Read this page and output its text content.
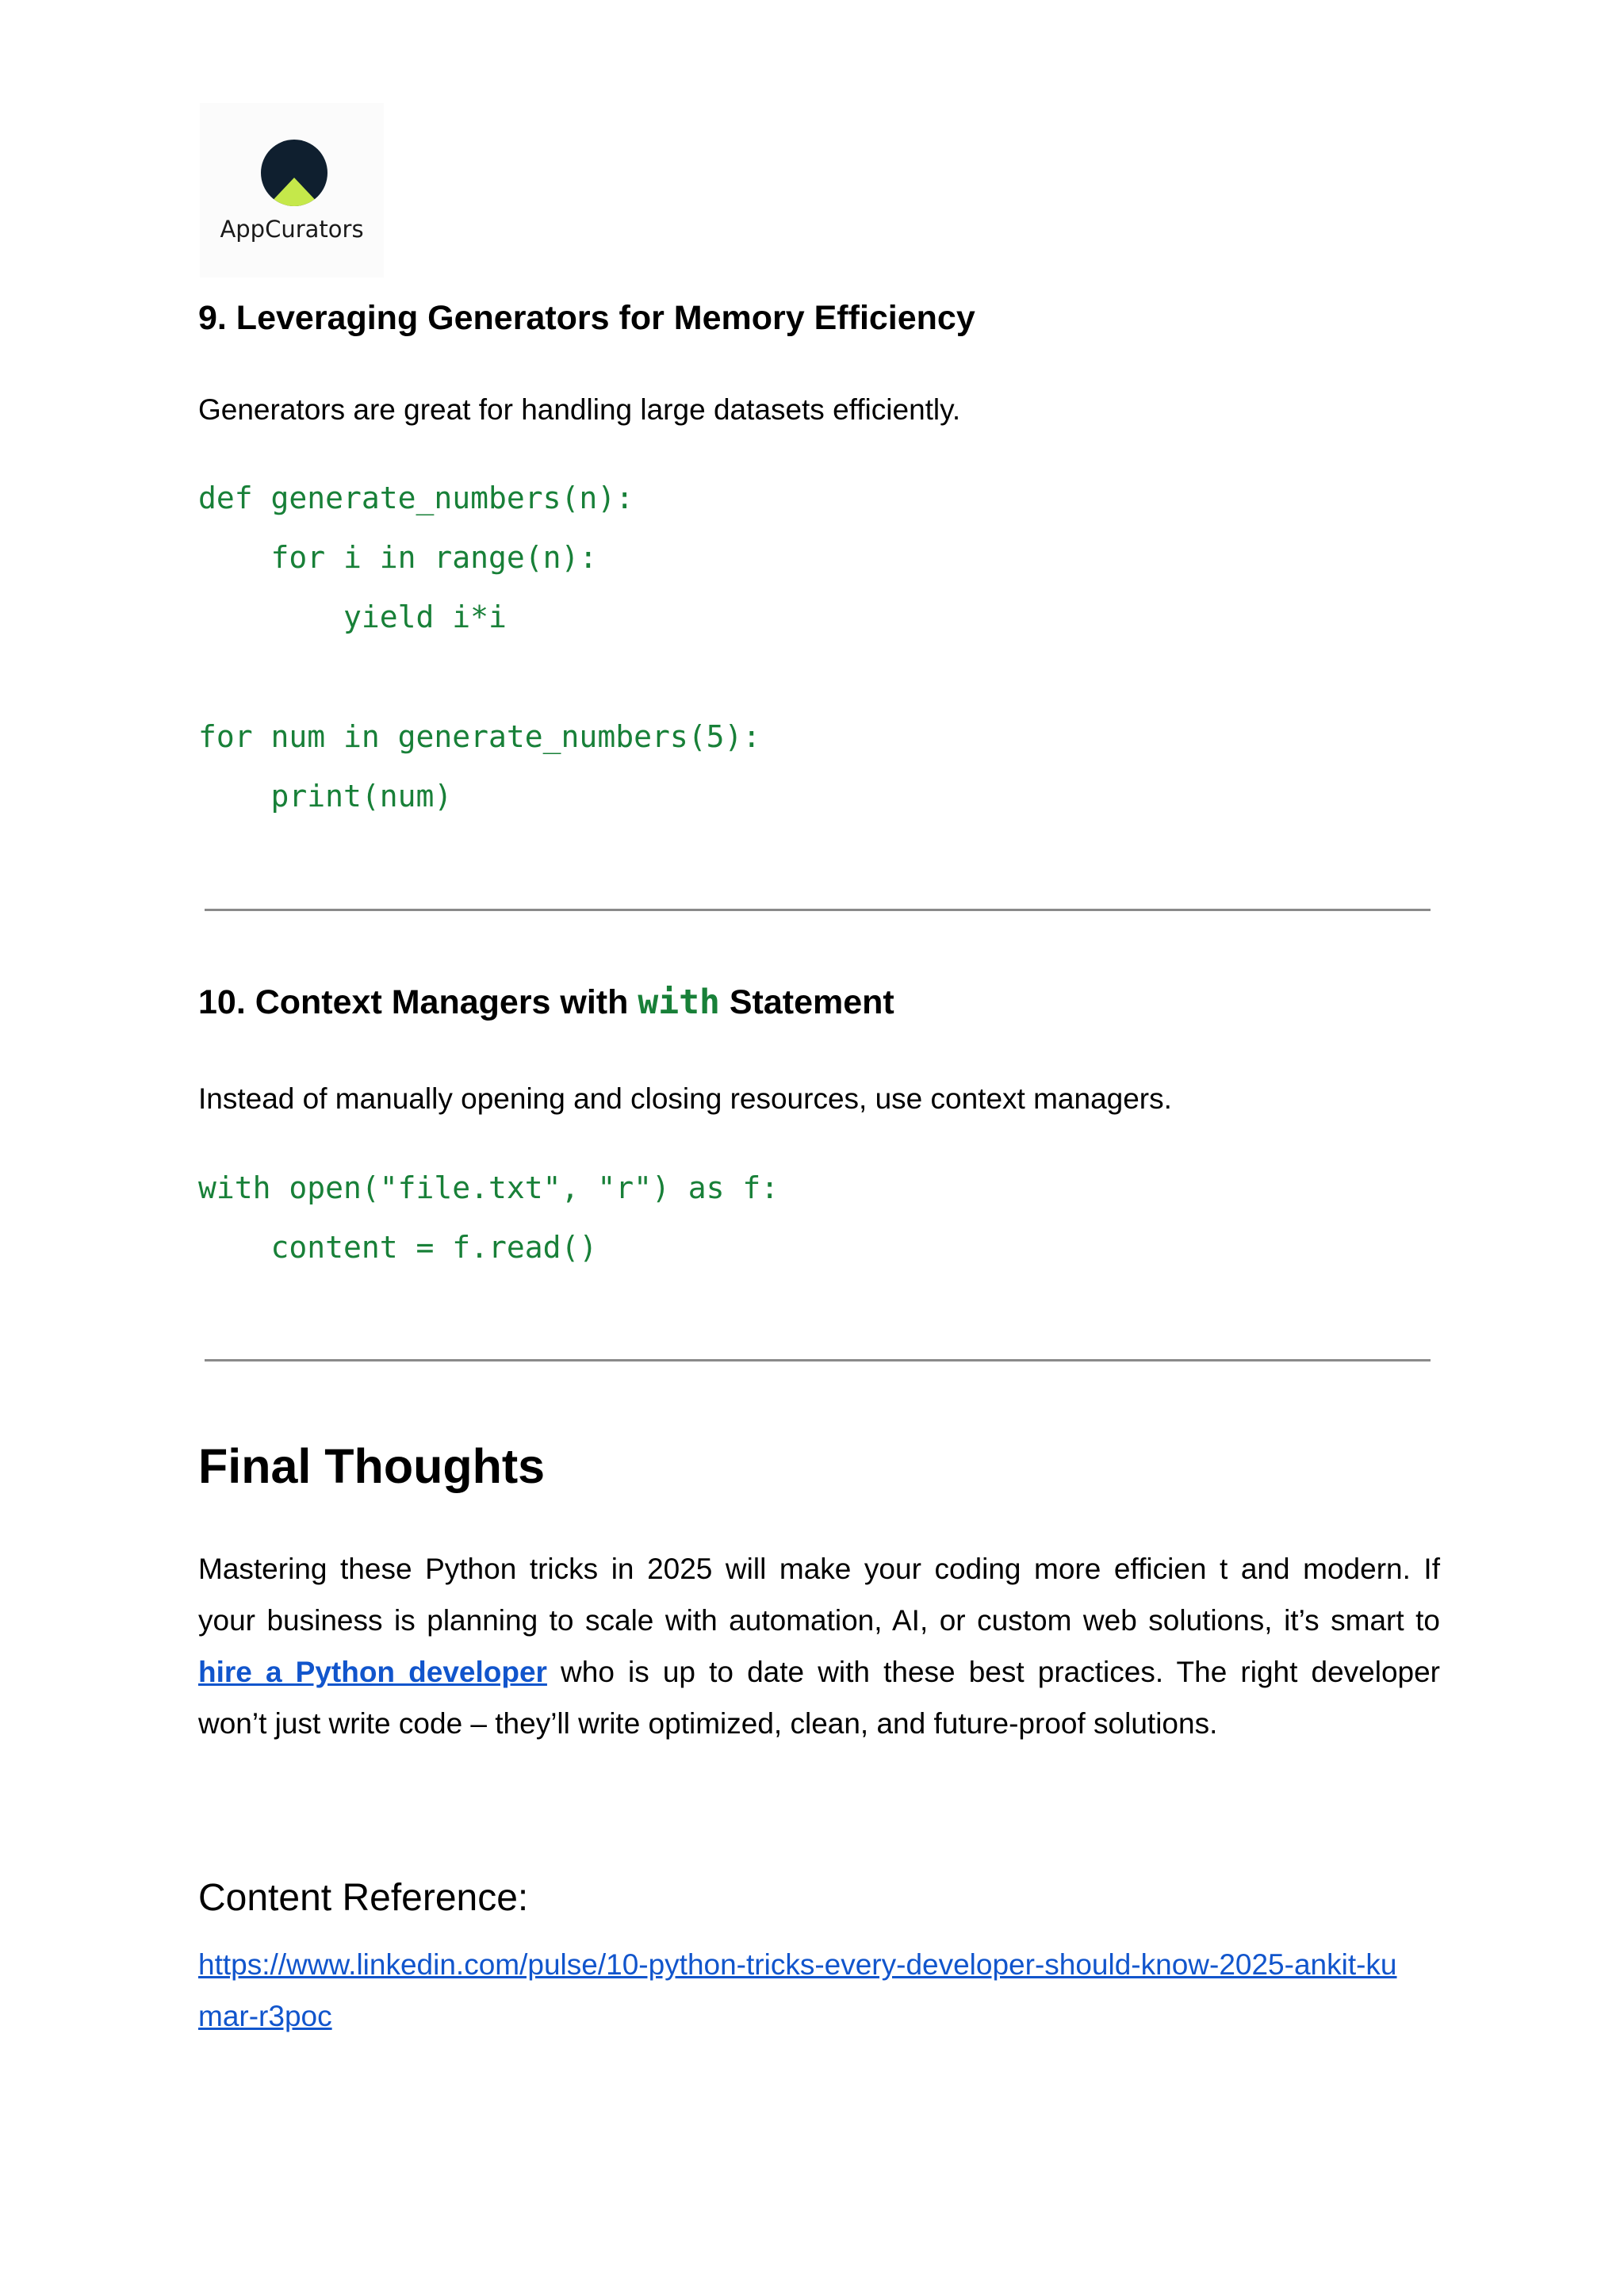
AppCurators
9. Leveraging Generators for Memory Efficiency
Generators are great for handling large datasets efficiently.
def generate_numbers(n):
for i in range(n):
yield i*i
for num in generate_numbers(5):
print(num)
10. Context Managers with with Statement
Instead of manually opening and closing resources, use context managers.
with open("file.txt", "r") as f:
content = f.read()
Final Thoughts
Mastering these Python tricks in 2025 will make your coding more efficien t and modern. If
your business is planning to scale with automation, AI, or custom web solutions, it’s smart to
hire a Python developer who is up to date with these best practices. The right developer
won’t just write code – they’ll write optimized, clean, and future-proof solutions.
Content Reference:
https://www.linkedin.com/pulse/10-python-tricks-every-developer-should-know-2025-ankit-ku
mar-r3poc
